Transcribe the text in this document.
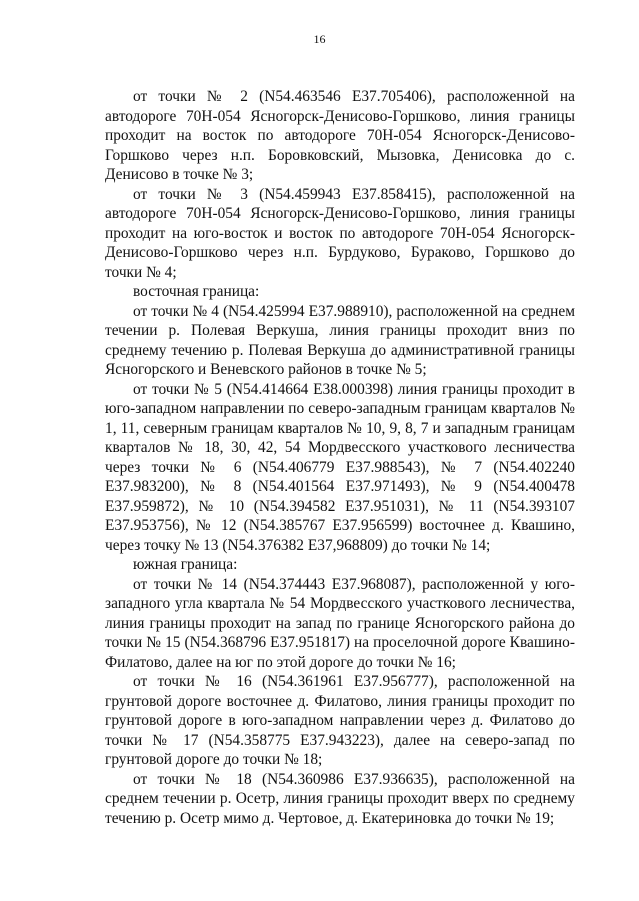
16

от точки № 2 (N54.463546 E37.705406), расположенной на автодороге 70Н-054 Ясногорск-Денисово-Горшково, линия границы проходит на восток по автодороге 70Н-054 Ясногорск-Денисово-Горшково через н.п. Боровковский, Мызовка, Денисовка до с. Денисово в точке № 3;

от точки № 3 (N54.459943 E37.858415), расположенной на автодороге 70Н-054 Ясногорск-Денисово-Горшково, линия границы проходит на юго-восток и восток по автодороге 70Н-054 Ясногорск-Денисово-Горшково через н.п. Бурдуково, Бураково, Горшково до точки № 4;

восточная граница:

от точки № 4 (N54.425994 E37.988910), расположенной на среднем течении р. Полевая Веркуша, линия границы проходит вниз по среднему течению р. Полевая Веркуша до административной границы Ясногорского и Веневского районов в точке № 5;

от точки № 5 (N54.414664 E38.000398) линия границы проходит в юго-западном направлении по северо-западным границам кварталов № 1, 11, северным границам кварталов № 10, 9, 8, 7 и западным границам кварталов № 18, 30, 42, 54 Мордвесского участкового лесничества через точки № 6 (N54.406779 E37.988543), № 7 (N54.402240 E37.983200), № 8 (N54.401564 E37.971493), № 9 (N54.400478 E37.959872), № 10 (N54.394582 E37.951031), № 11 (N54.393107 E37.953756), № 12 (N54.385767 E37.956599) восточнее д. Квашино, через точку № 13 (N54.376382 E37,968809) до точки № 14;

южная граница:

от точки № 14 (N54.374443 E37.968087), расположенной у юго-западного угла квартала № 54 Мордвесского участкового лесничества, линия границы проходит на запад по границе Ясногорского района до точки № 15 (N54.368796 E37.951817) на проселочной дороге Квашино-Филатово, далее на юг по этой дороге до точки № 16;

от точки № 16 (N54.361961 E37.956777), расположенной на грунтовой дороге восточнее д. Филатово, линия границы проходит по грунтовой дороге в юго-западном направлении через д. Филатово до точки № 17 (N54.358775 E37.943223), далее на северо-запад по грунтовой дороге до точки № 18;

от точки № 18 (N54.360986 E37.936635), расположенной на среднем течении р. Осетр, линия границы проходит вверх по среднему течению р. Осетр мимо д. Чертовое, д. Екатериновка до точки № 19;
